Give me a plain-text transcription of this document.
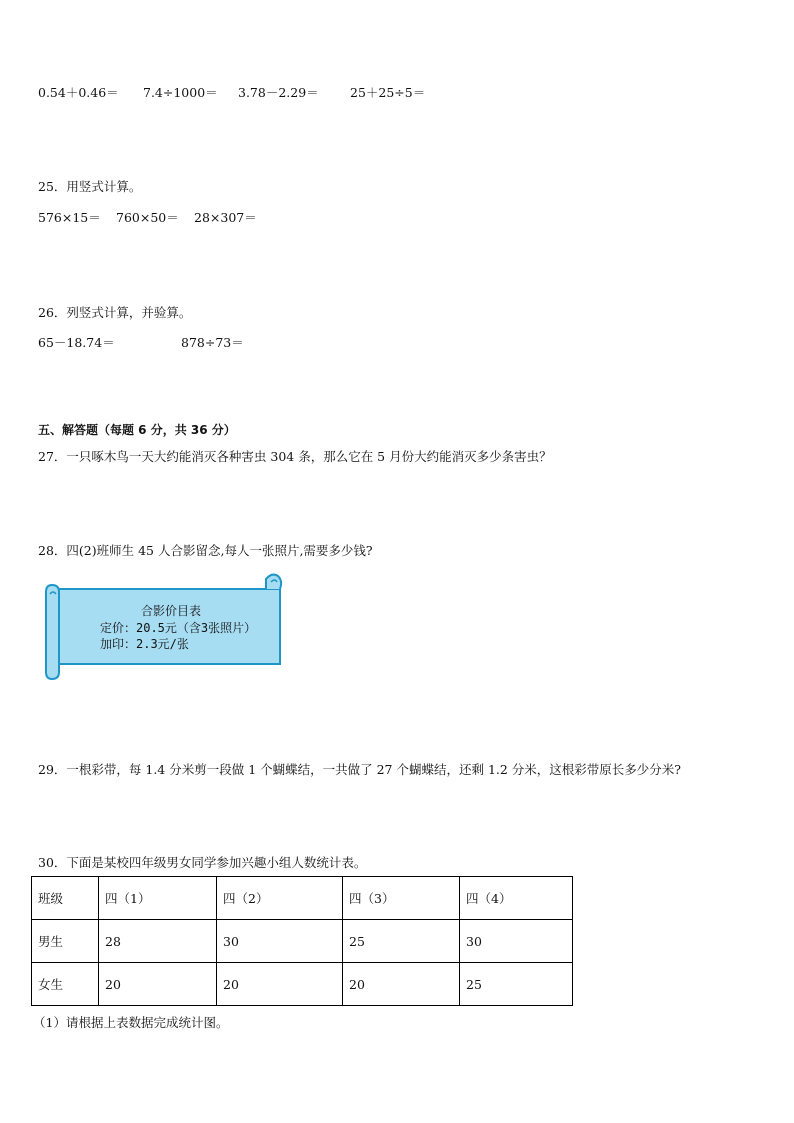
0.54＋0.46＝ 7.4÷1000＝ 3.78－2.29＝	25＋25÷5＝
25．用竖式计算。
576×15＝ 760×50＝ 28×307＝
26．列竖式计算，并验算。
65－18.74＝	878÷73＝
五、解答题（每题 6 分，共 36 分）
27．一只啄木鸟一天大约能消灭各种害虫 304 条，那么它在 5 月份大约能消灭多少条害虫？
28．四(2)班师生 45 人合影留念,每人一张照片,需要多少钱?
合影价目表
定价：20.5元（含3张照片）
加印：2.3元/张
29．一根彩带，每 1.4 分米剪一段做 1 个蝴蝶结，一共做了 27 个蝴蝶结，还剩 1.2 分米，这根彩带原长多少分米?
30．下面是某校四年级男女同学参加兴趣小组人数统计表。
班级	四（1）	四（2）	四（3）	四（4）
男生	28	30	25	30
女生	20	20	20	25
（1）请根据上表数据完成统计图。
